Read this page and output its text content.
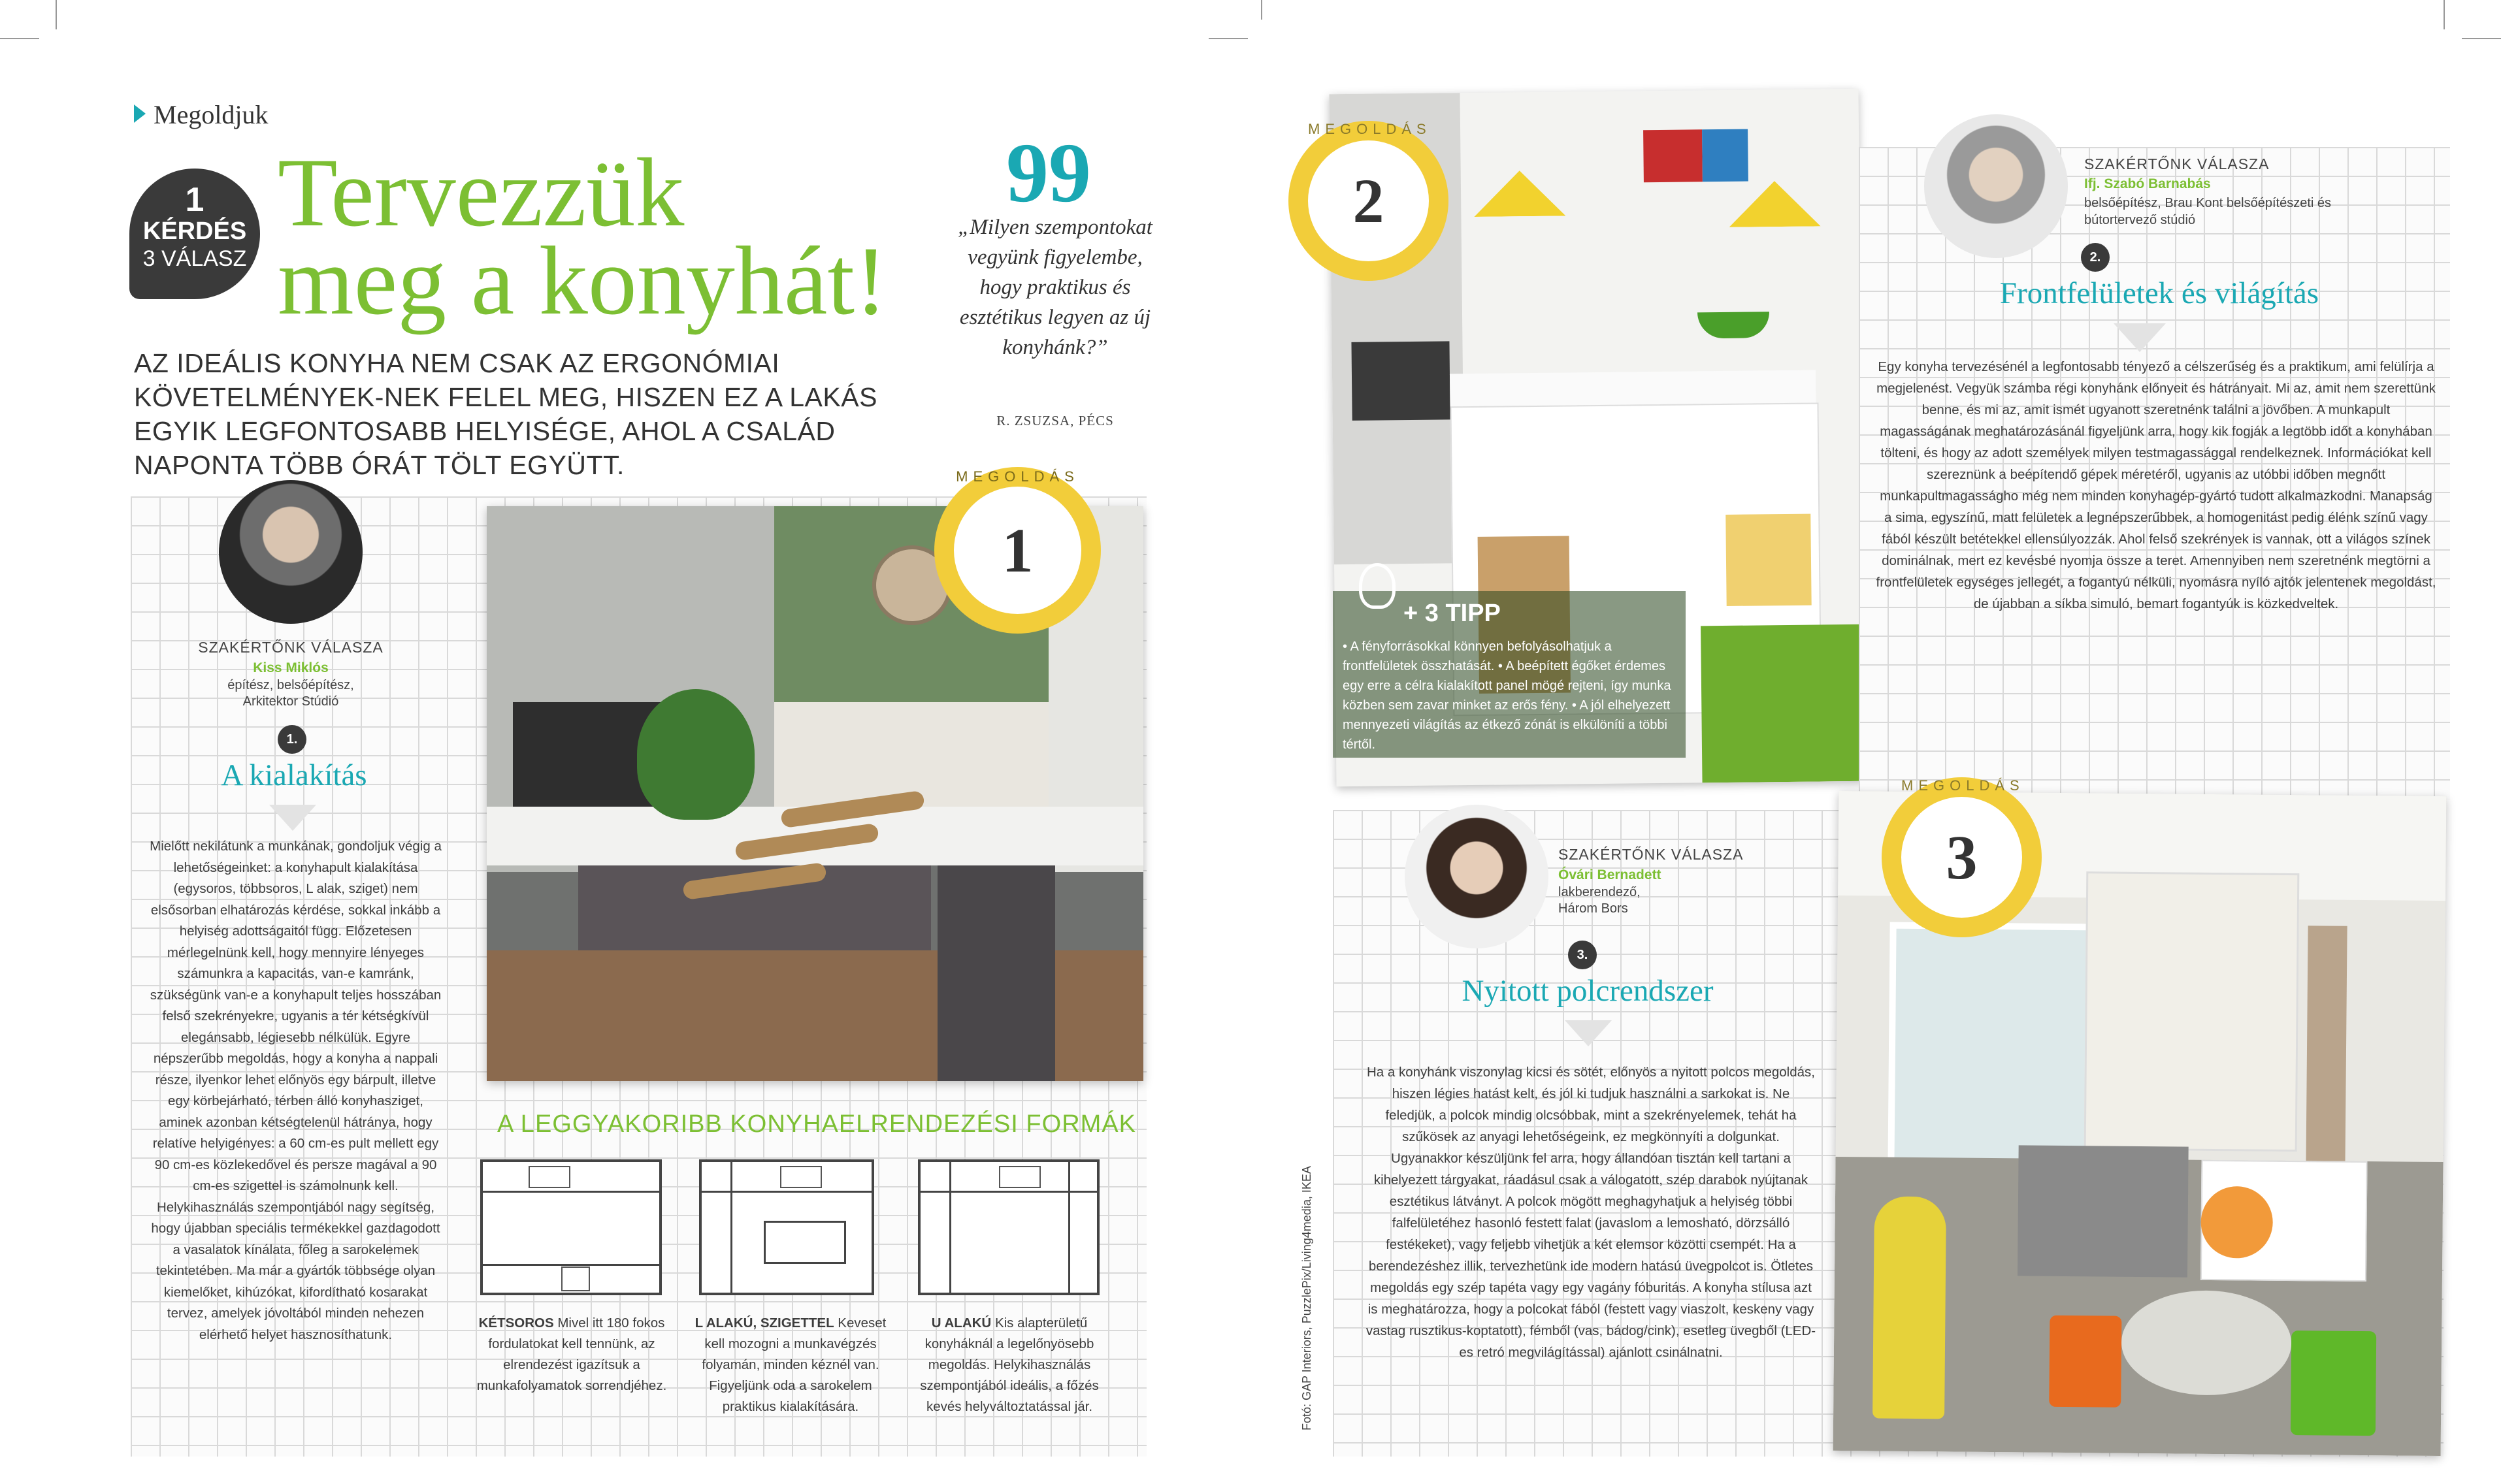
Megoldjuk
1
KÉRDÉS
3 VÁLASZ
Tervezzük
meg a konyhát!
AZ IDEÁLIS KONYHA NEM CSAK AZ ERGONÓMIAI KÖVETELMÉNYEK-NEK FELEL MEG, HISZEN EZ A LAKÁS EGYIK LEGFONTOSABB HELYISÉGE, AHOL A CSALÁD NAPONTA TÖBB ÓRÁT TÖLT EGYÜTT.
99
„Milyen szempontokat vegyünk figyelembe, hogy praktikus és esztétikus legyen az új konyhánk?”
R. ZSUZSA, PÉCS
SZAKÉRTŐNK VÁLASZA
Kiss Miklós
építész, belsőépítész,
Arkitektor Stúdió
1.
A kialakítás
Mielőtt nekilátunk a munkának, gondoljuk végig a lehetőségeinket: a konyhapult kialakítása (egysoros, többsoros, L alak, sziget) nem elsősorban elhatározás kérdése, sokkal inkább a helyiség adottságaitól függ. Előzetesen mérlegelnünk kell, hogy mennyire lényeges számunkra a kapacitás, van-e kamránk, szükségünk van-e a konyhapult teljes hosszában felső szekrényekre, ugyanis a tér kétségkívül elegánsabb, légiesebb nélkülük. Egyre népszerűbb megoldás, hogy a konyha a nappali része, ilyenkor lehet előnyös egy bárpult, illetve egy körbejárható, térben álló konyhasziget, aminek azonban kétségtelenül hátránya, hogy relatíve helyigényes: a 60 cm-es pult mellett egy 90 cm-es közlekedővel és persze magával a 90 cm-es szigettel is számolnunk kell. Helykihasználás szempontjából nagy segítség, hogy újabban speciális termékekkel gazdagodott a vasalatok kínálata, főleg a sarokelemek tekintetében. Ma már a gyártók többsége olyan kiemelőket, kihúzókat, kifordítható kosarakat tervez, amelyek jóvoltából minden nehezen elérhető helyet hasznosíthatunk.
MEGOLDÁS
1
A LEGGYAKORIBB KONYHAELRENDEZÉSI FORMÁK
KÉTSOROS Mivel itt 180 fokos fordulatokat kell tennünk, az elrendezést igazítsuk a munkafolyamatok sorrendjéhez.
L ALAKÚ, SZIGETTEL Keveset kell mozogni a munkavégzés folyamán, minden kéznél van. Figyeljünk oda a sarokelem praktikus kialakítására.
U ALAKÚ Kis alapterületű konyháknál a legelőnyösebb megoldás. Helykihasználás szempontjából ideális, a főzés kevés helyváltoztatással jár.
MEGOLDÁS
2
+ 3 TIPP
• A fényforrásokkal könnyen befolyásolhatjuk a frontfelületek összhatását. • A beépített égőket érdemes egy erre a célra kialakított panel mögé rejteni, így munka közben sem zavar minket az erős fény. • A jól elhelyezett mennyezeti világítás az étkező zónát is elkülöníti a többi tértől.
SZAKÉRTŐNK VÁLASZA
Ifj. Szabó Barnabás
belsőépítész, Brau Kont belsőépítészeti és bútortervező stúdió
2.
Frontfelületek és világítás
Egy konyha tervezésénél a legfontosabb tényező a célszerűség és a praktikum, ami felülírja a megjelenést. Vegyük számba régi konyhánk előnyeit és hátrányait. Mi az, amit nem szerettünk benne, és mi az, amit ismét ugyanott szeretnénk találni a jövőben. A munkapult magasságának meghatározásánál figyeljünk arra, hogy kik fogják a legtöbb időt a konyhában tölteni, és hogy az adott személyek milyen testmagassággal rendelkeznek. Információkat kell szereznünk a beépítendő gépek méretéről, ugyanis az utóbbi időben megnőtt munkapultmagasságho még nem minden konyhagép-gyártó tudott alkalmazkodni. Manapság a sima, egyszínű, matt felületek a legnépszerűbbek, a homogenitást pedig élénk színű vagy fából készült betétekkel ellensúlyozzák. Ahol felső szekrények is vannak, ott a világos színek dominálnak, mert ez kevésbé nyomja össze a teret. Amennyiben nem szeretnénk megtörni a frontfelületek egységes jellegét, a fogantyú nélküli, nyomásra nyíló ajtók jelentenek megoldást, de újabban a síkba simuló, bemart fogantyúk is közkedveltek.
SZAKÉRTŐNK VÁLASZA
Óvári Bernadett
lakberendező,
Három Bors
3.
Nyitott polcrendszer
Ha a konyhánk viszonylag kicsi és sötét, előnyös a nyitott polcos megoldás, hiszen légies hatást kelt, és jól ki tudjuk használni a sarkokat is. Ne feledjük, a polcok mindig olcsóbbak, mint a szekrényelemek, tehát ha szűkösek az anyagi lehetőségeink, ez megkönnyíti a dolgunkat. Ugyanakkor készüljünk fel arra, hogy állandóan tisztán kell tartani a kihelyezett tárgyakat, ráadásul csak a válogatott, szép darabok nyújtanak esztétikus látványt. A polcok mögött meghagyhatjuk a helyiség többi falfelületéhez hasonló festett falat (javaslom a lemosható, dörzsálló festékeket), vagy feljebb vihetjük a két elemsor közötti csempét. Ha a berendezéshez illik, tervezhetünk ide modern hatású üvegpolcot is. Ötletes megoldás egy szép tapéta vagy egy vagány fóburitás. A konyha stílusa azt is meghatározza, hogy a polcokat fából (festett vagy viaszolt, keskeny vagy vastag rusztikus-koptatott), fémből (vas, bádog/cink), esetleg üvegből (LED-es retró megvilágítással) ajánlott csinálnatni.
MEGOLDÁS
3
Fotó: GAP Interiors, PuzzlePix/Living4media, IKEA
